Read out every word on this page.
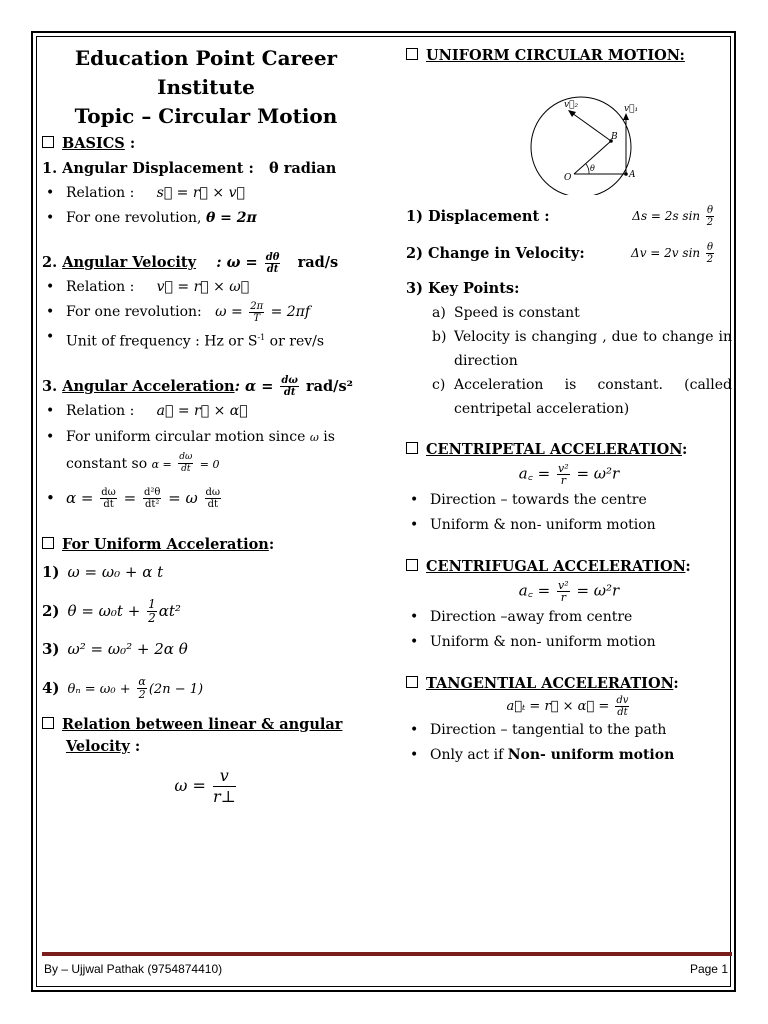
Education Point Career
Institute
Topic – Circular Motion
BASICS :
1. Angular Displacement : θ radian
• Relation : s⃗ = r⃗ × v⃗
• For one revolution, θ = 2π
2. Angular Velocity : $\omega = \frac{d\theta}{dt} rad/s$
• Relation : v⃗ = r⃗ × ω⃗
• For one revolution: $\omega = \frac{2\pi}{T} = 2\pi f$
• Unit of frequency : Hz or $S^{-1}$ or rev/s
3. Angular Acceleration: $\alpha = \frac{d\omega}{dt} rad/s^2$
• Relation : a⃗ = r⃗ × α⃗
• For uniform circular motion since ω is
constant so $\alpha = \frac{d\omega}{dt} = 0$
• $\alpha = \frac{d\omega}{dt} = \frac{\text{d²θ}}{\text{dt²}} = \omega \frac{d\omega}{dt}$
For Uniform Acceleration:
1) ω = ω₀ + α t
2) $\theta = \omega_0t + \frac{1}{2} \alpha t^2$
3) ω² = ω₀² + 2α θ
4) $\theta_n = \omega_0 + \frac{\alpha}{2} (2n - 1)$
Relation between linear & angular
Velocity :
$\omega = \frac{v}{r\perp}$
UNIFORM CIRCULAR MOTION:
v⃗₂	v⃗₁
B
A
O
θ
1) Displacement :	Δs = 2s $\sin \frac{\theta}{2}$
2) Change in Velocity:	Δv = 2v $\sin \frac{\theta}{2}$
3) Key Points:
a) Speed is constant
b) Velocity is changing , due to change in direction
c) Acceleration is constant. (called centripetal acceleration)
CENTRIPETAL ACCELERATION:
a꜀ = $\frac{\text{v²}}{r} = \omega^2r$
• Direction – towards the centre
• Uniform & non- uniform motion
CENTRIFUGAL ACCELERATION:
a꜀ = $\frac{\text{v²}}{r} = \omega^2r$
• Direction –away from centre
• Uniform & non- uniform motion
TANGENTIAL ACCELERATION:
a⃗ₜ = r⃗ × α⃗ = $\frac{dv}{dt}$
• Direction – tangential to the path
• Only act if Non- uniform motion
By – Ujjwal Pathak (9754874410)	Page 1
